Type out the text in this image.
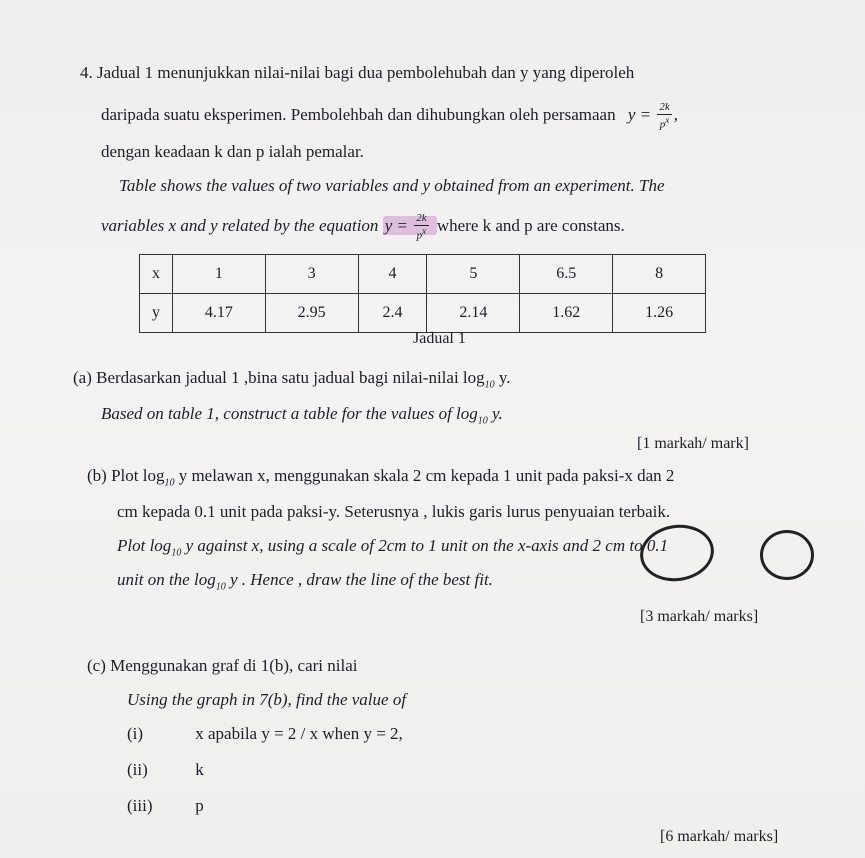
4. Jadual 1 menunjukkan nilai-nilai bagi dua pembolehubah dan y yang diperoleh
daripada suatu eksperimen. Pembolehbah dan dihubungkan oleh persamaan $y = \frac{2k}{p^x}$ ,
dengan keadaan k dan p ialah pemalar.
Table shows the values of two variables and y obtained from an experiment. The
variables x and y related by the equation $y = \frac{2k}{p^x}$ where k and p are constans.
x	1	3	4	5	6.5	8
y	4.17	2.95	2.4	2.14	1.62	1.26
Jadual 1
(a) Berdasarkan jadual 1 ,bina satu jadual bagi nilai-nilai $\log_{10} y$.
Based on table 1, construct a table for the values of $\log_{10} y$.
[1 markah/ mark]
(b) Plot $\log_{10} y$ melawan x, menggunakan skala 2 cm kepada 1 unit pada paksi-x dan 2
cm kepada 0.1 unit pada paksi-y. Seterusnya , lukis garis lurus penyuaian terbaik.
Plot $\log_{10} y$ against x, using a scale of 2cm to 1 unit on the x-axis and 2 cm to 0.1
unit on the $\log_{10} y$ . Hence , draw the line of the best fit.
[3 markah/ marks]
(c) Menggunakan graf di 1(b), cari nilai
Using the graph in 7(b), find the value of
(i)	x apabila y = 2 / x when y = 2,
(ii)	k
(iii)	p
[6 markah/ marks]
